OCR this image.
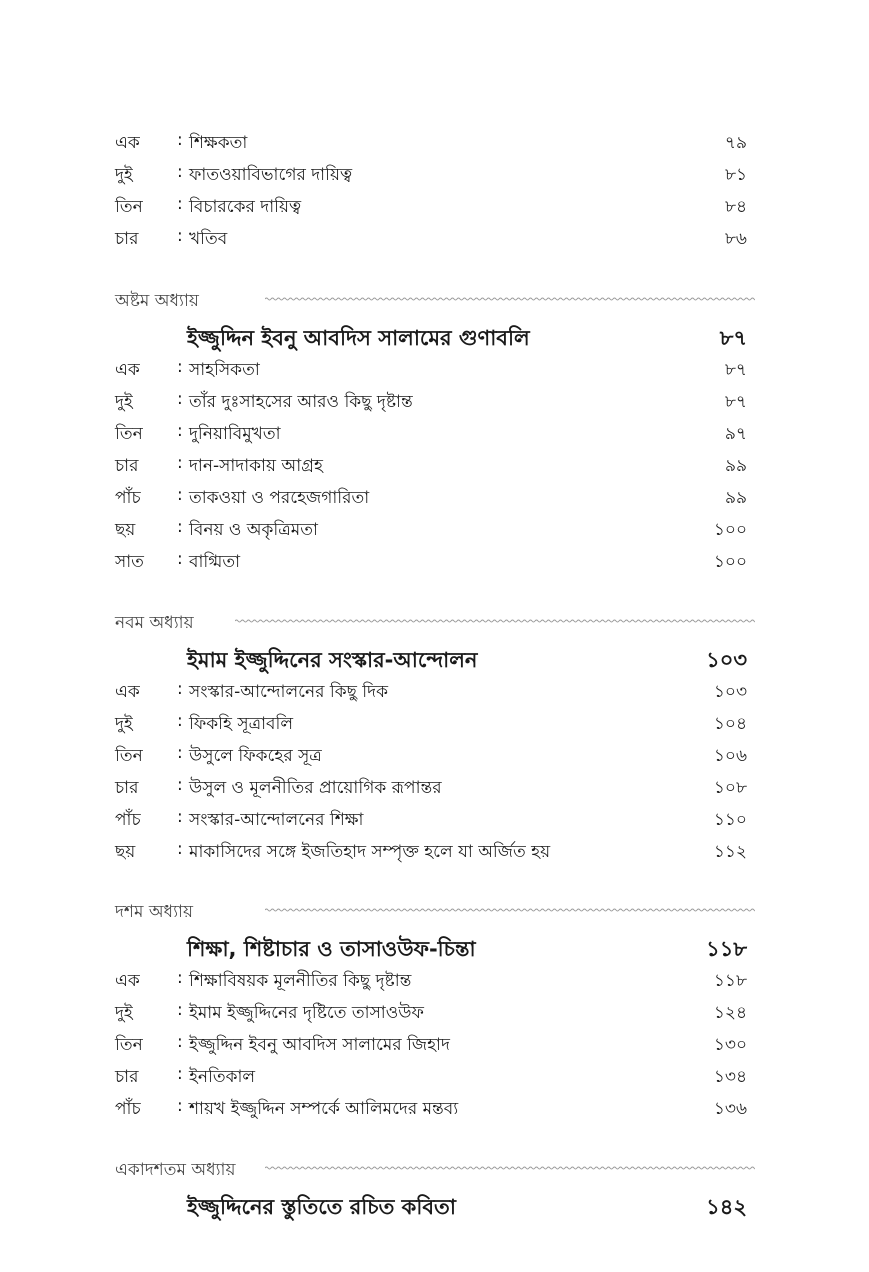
এক : শিক্ষকতা	৭৯
দুই	: ফাতওয়াবিভাগের দায়িত্ব	৮১
তিন : বিচারকের দায়িত্ব	৮৪
চার : খতিব	৮৬
অষ্টম অধ্যায়
ইজ্জুদ্দিন ইবনু আবদিস সালামের গুণাবলি	৮৭
এক : সাহসিকতা	৮৭
দুই	: তাঁর দুঃসাহসের আরও কিছু দৃষ্টান্ত	৮৭
তিন : দুনিয়াবিমুখতা	৯৭
চার : দান-সাদাকায় আগ্রহ	৯৯
পাঁচ : তাকওয়া ও পরহেজগারিতা	৯৯
ছয় : বিনয় ও অকৃত্রিমতা	১০০
সাত : বাগ্মিতা	১০০
নবম অধ্যায়
ইমাম ইজ্জুদ্দিনের সংস্কার-আন্দোলন	১০৩
এক : সংস্কার-আন্দোলনের কিছু দিক	১০৩
দুই	: ফিকহি সূত্রাবলি	১০৪
তিন : উসুলে ফিকহের সূত্র	১০৬
চার : উসুল ও মূলনীতির প্রায়োগিক রূপান্তর	১০৮
পাঁচ : সংস্কার-আন্দোলনের শিক্ষা	১১০
ছয় : মাকাসিদের সঙ্গে ইজতিহাদ সম্পৃক্ত হলে যা অর্জিত হয়	১১২
দশম অধ্যায়
শিক্ষা, শিষ্টাচার ও তাসাওউফ-চিন্তা	১১৮
এক : শিক্ষাবিষয়ক মূলনীতির কিছু দৃষ্টান্ত	১১৮
দুই	: ইমাম ইজ্জুদ্দিনের দৃষ্টিতে তাসাওউফ	১২৪
তিন : ইজ্জুদ্দিন ইবনু আবদিস সালামের জিহাদ	১৩০
চার : ইনতিকাল	১৩৪
পাঁচ : শায়খ ইজ্জুদ্দিন সম্পর্কে আলিমদের মন্তব্য	১৩৬
একাদশতম অধ্যায়
ইজ্জুদ্দিনের স্তুতিতে রচিত কবিতা	১৪২
